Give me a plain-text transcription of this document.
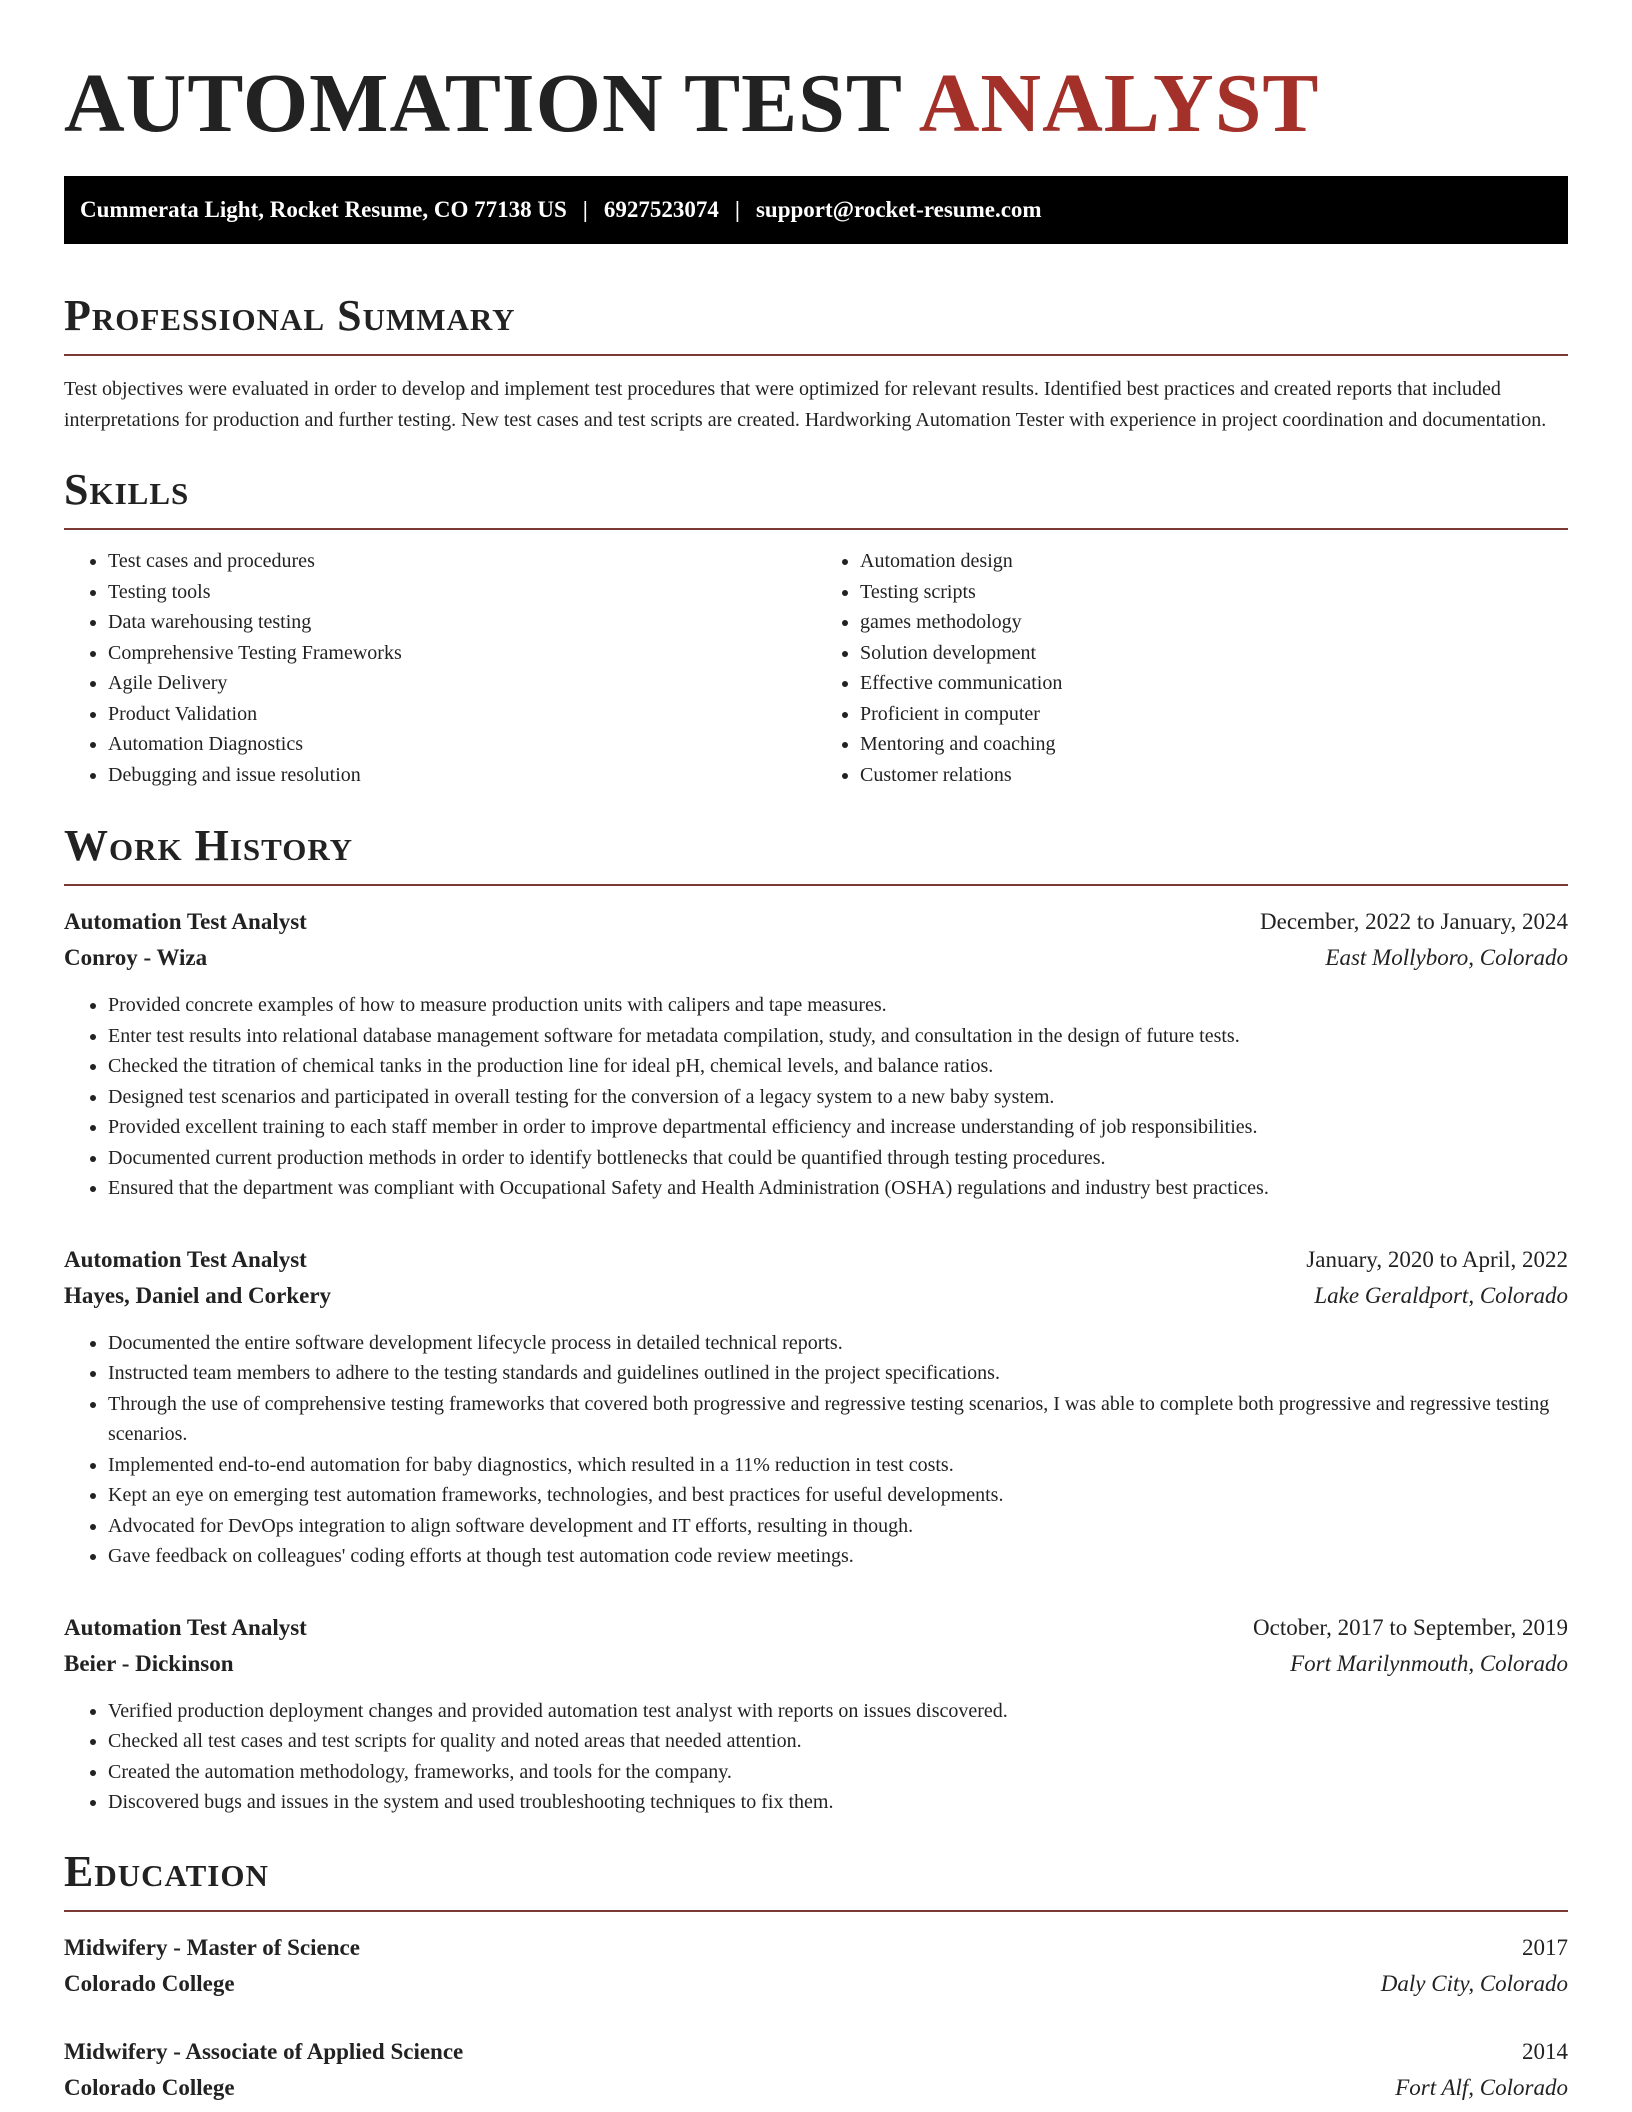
AUTOMATION TEST ANALYST
Cummerata Light, Rocket Resume, CO 77138 US | 6927523074 | support@rocket-resume.com
Professional Summary

Test objectives were evaluated in order to develop and implement test procedures that were optimized for relevant results. Identified best practices and created reports that included interpretations for production and further testing. New test cases and test scripts are created. Hardworking Automation Tester with experience in project coordination and documentation.

Skills
• Test cases and procedures
• Testing tools
• Data warehousing testing
• Comprehensive Testing Frameworks
• Agile Delivery
• Product Validation
• Automation Diagnostics
• Debugging and issue resolution
• Automation design
• Testing scripts
• games methodology
• Solution development
• Effective communication
• Proficient in computer
• Mentoring and coaching
• Customer relations
Work History
Automation Test Analyst	December, 2022 to January, 2024
Conroy - Wiza	East Mollyboro, Colorado
• Provided concrete examples of how to measure production units with calipers and tape measures.
• Enter test results into relational database management software for metadata compilation, study, and consultation in the design of future tests.
• Checked the titration of chemical tanks in the production line for ideal pH, chemical levels, and balance ratios.
• Designed test scenarios and participated in overall testing for the conversion of a legacy system to a new baby system.
• Provided excellent training to each staff member in order to improve departmental efficiency and increase understanding of job responsibilities.
• Documented current production methods in order to identify bottlenecks that could be quantified through testing procedures.
• Ensured that the department was compliant with Occupational Safety and Health Administration (OSHA) regulations and industry best practices.
Automation Test Analyst	January, 2020 to April, 2022
Hayes, Daniel and Corkery	Lake Geraldport, Colorado
• Documented the entire software development lifecycle process in detailed technical reports.
• Instructed team members to adhere to the testing standards and guidelines outlined in the project specifications.
• Through the use of comprehensive testing frameworks that covered both progressive and regressive testing scenarios, I was able to complete both progressive and regressive testing scenarios.
• Implemented end-to-end automation for baby diagnostics, which resulted in a 11% reduction in test costs.
• Kept an eye on emerging test automation frameworks, technologies, and best practices for useful developments.
• Advocated for DevOps integration to align software development and IT efforts, resulting in though.
• Gave feedback on colleagues' coding efforts at though test automation code review meetings.
Automation Test Analyst	October, 2017 to September, 2019
Beier - Dickinson	Fort Marilynmouth, Colorado
• Verified production deployment changes and provided automation test analyst with reports on issues discovered.
• Checked all test cases and test scripts for quality and noted areas that needed attention.
• Created the automation methodology, frameworks, and tools for the company.
• Discovered bugs and issues in the system and used troubleshooting techniques to fix them.
Education
Midwifery - Master of Science	2017
Colorado College	Daly City, Colorado
Midwifery - Associate of Applied Science	2014
Colorado College	Fort Alf, Colorado
